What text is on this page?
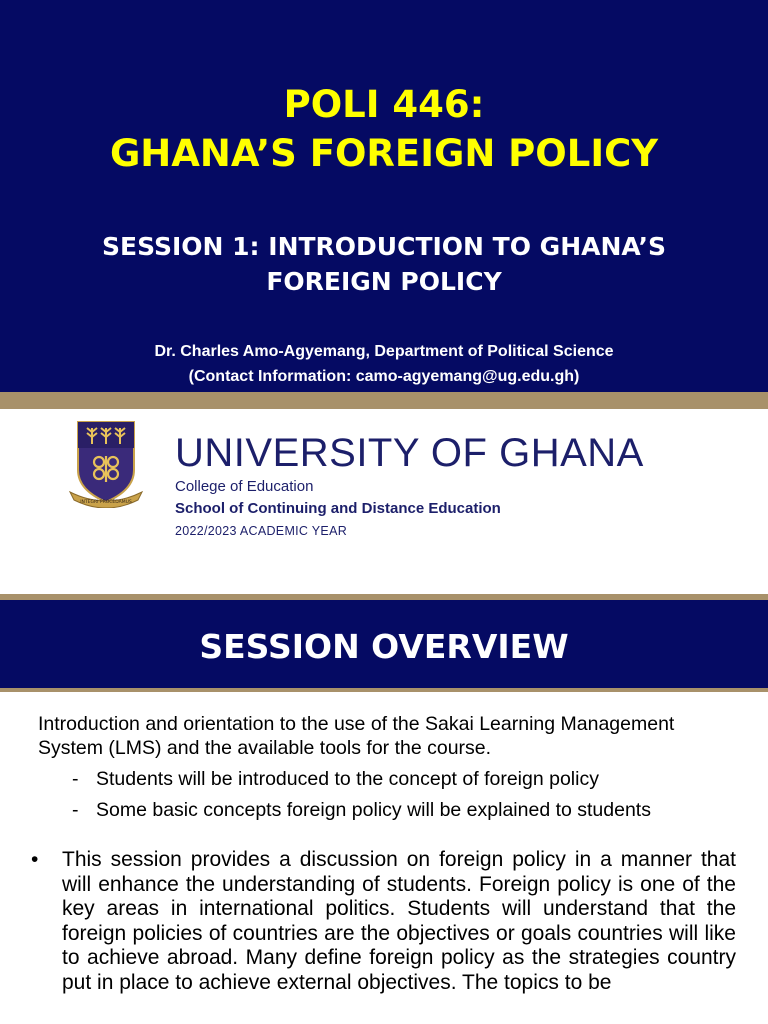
POLI 446:
GHANA’S FOREIGN POLICY
SESSION 1: INTRODUCTION TO GHANA’S FOREIGN POLICY
Dr. Charles Amo-Agyemang, Department of Political Science
(Contact Information: camo-agyemang@ug.edu.gh)
INTEGRI PROCEDAMUS
UNIVERSITY OF GHANA
College of Education
School of Continuing and Distance Education
2022/2023 ACADEMIC YEAR
SESSION OVERVIEW
Introduction and orientation to the use of the Sakai Learning Management System (LMS) and the available tools for the course.
- Students will be introduced to the concept of foreign policy
- Some basic concepts foreign policy will be explained to students
• This session provides a discussion on foreign policy in a manner that will enhance the understanding of students. Foreign policy is one of the key areas in international politics. Students will understand that the foreign policies of countries are the objectives or goals countries will like to achieve abroad. Many define foreign policy as the strategies country put in place to achieve external objectives. The topics to be
